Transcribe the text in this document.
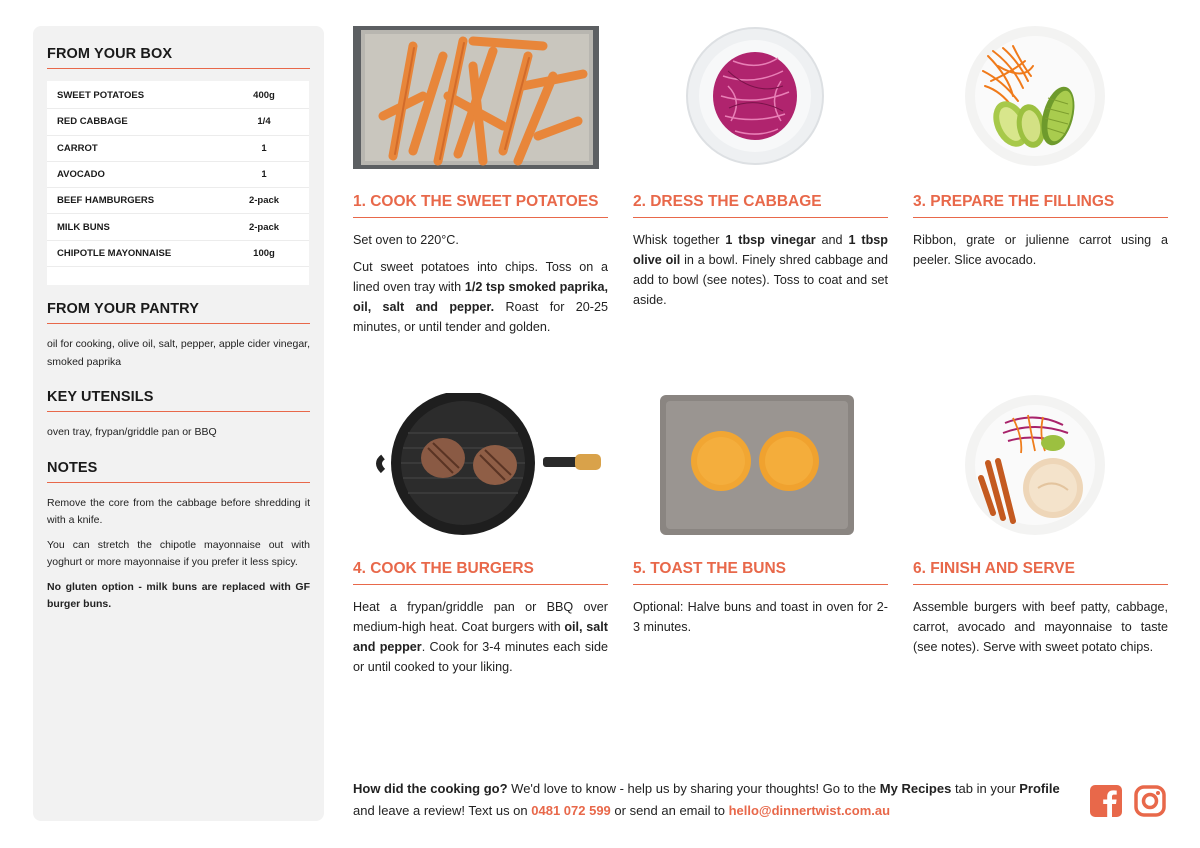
FROM YOUR BOX
SWEET POTATOES	400g
RED CABBAGE	1/4
CARROT	1
AVOCADO	1
BEEF HAMBURGERS	2-pack
MILK BUNS	2-pack
CHIPOTLE MAYONNAISE	100g
FROM YOUR PANTRY
oil for cooking, olive oil, salt, pepper, apple cider vinegar, smoked paprika
KEY UTENSILS
oven tray, frypan/griddle pan or BBQ
NOTES
Remove the core from the cabbage before shredding it with a knife.
You can stretch the chipotle mayonnaise out with yoghurt or more mayonnaise if you prefer it less spicy.
No gluten option - milk buns are replaced with GF burger buns.
1. COOK THE SWEET POTATOES

Set oven to 220°C.

Cut sweet potatoes into chips. Toss on a lined oven tray with 1/2 tsp smoked paprika, oil, salt and pepper. Roast for 20-25 minutes, or until tender and golden.

2. DRESS THE CABBAGE

Whisk together 1 tbsp vinegar and 1 tbsp olive oil in a bowl. Finely shred cabbage and add to bowl (see notes). Toss to coat and set aside.

3. PREPARE THE FILLINGS

Ribbon, grate or julienne carrot using a peeler. Slice avocado.

4. COOK THE BURGERS

Heat a frypan/griddle pan or BBQ over medium-high heat. Coat burgers with oil, salt and pepper. Cook for 3-4 minutes each side or until cooked to your liking.

5. TOAST THE BUNS

Optional: Halve buns and toast in oven for 2-3 minutes.

6. FINISH AND SERVE

Assemble burgers with beef patty, cabbage, carrot, avocado and mayonnaise to taste (see notes). Serve with sweet potato chips.

How did the cooking go? We'd love to know - help us by sharing your thoughts! Go to the My Recipes tab in your Profile and leave a review! Text us on 0481 072 599 or send an email to hello@dinnertwist.com.au
